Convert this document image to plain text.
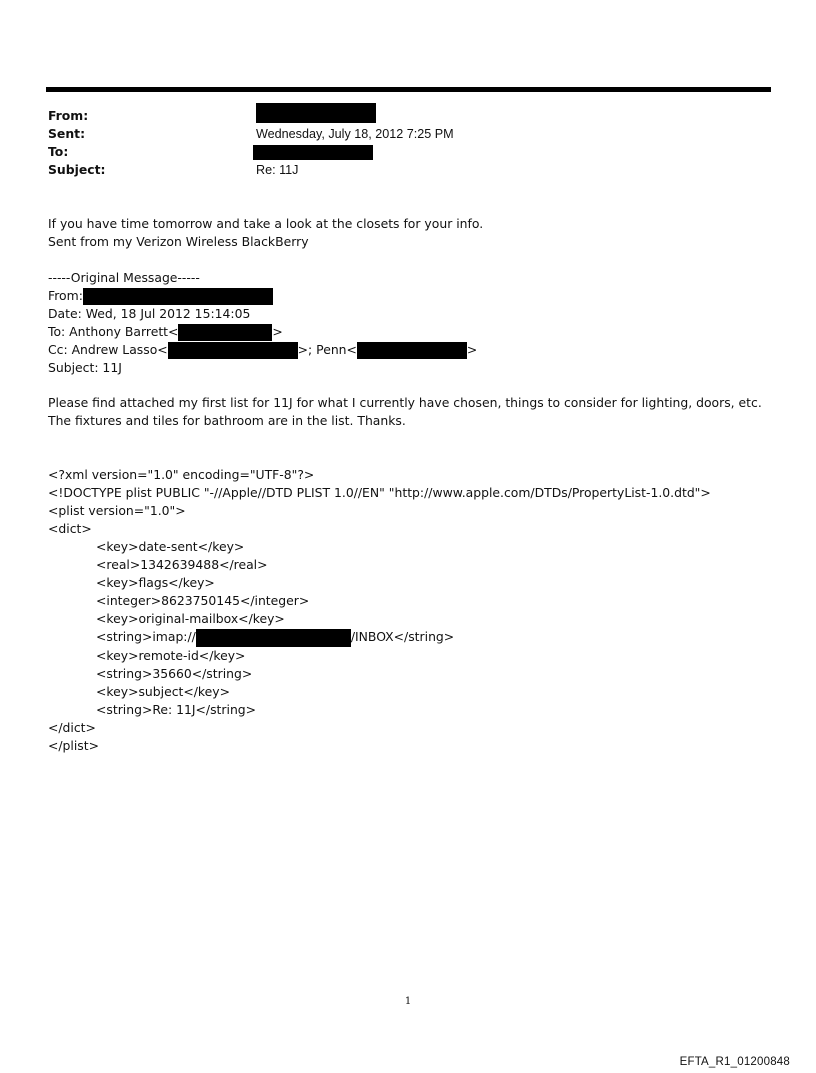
From:
Sent:	Wednesday, July 18, 2012 7:25 PM
To:
Subject:	Re: 11J
If you have time tomorrow and take a look at the closets for your info.
Sent from my Verizon Wireless BlackBerry
-----Original Message-----
From:
Date: Wed, 18 Jul 2012 15:14:05
To: Anthony Barrett<	>
Cc: Andrew Lasso<	>; Penn<	>
Subject: 11J
Please find attached my first list for 11J for what I currently have chosen, things to consider for lighting, doors, etc.
The fixtures and tiles for bathroom are in the list. Thanks.
<?xml version="1.0" encoding="UTF-8"?>
<!DOCTYPE plist PUBLIC "-//Apple//DTD PLIST 1.0//EN" "http://www.apple.com/DTDs/PropertyList-1.0.dtd">
<plist version="1.0">
<dict>
<key>date-sent</key>
<real>1342639488</real>
<key>flags</key>
<integer>8623750145</integer>
<key>original-mailbox</key>
<string>imap://	/INBOX</string>
<key>remote-id</key>
<string>35660</string>
<key>subject</key>
<string>Re: 11J</string>
</dict>
</plist>
1
EFTA_R1_01200848
